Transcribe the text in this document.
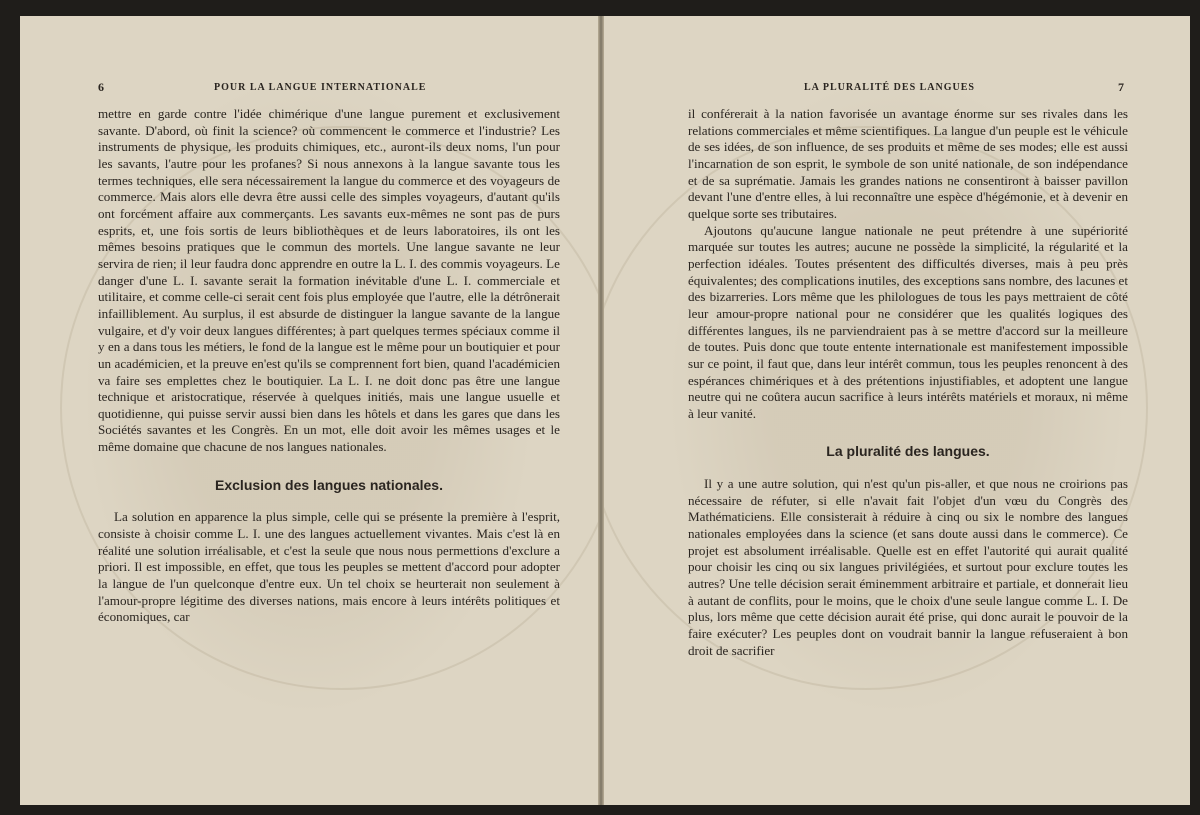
6	POUR LA LANGUE INTERNATIONALE

mettre en garde contre l'idée chimérique d'une langue purement et exclusivement savante. D'abord, où finit la science? où commencent le commerce et l'industrie? Les instruments de physique, les produits chimiques, etc., auront-ils deux noms, l'un pour les savants, l'autre pour les profanes? Si nous annexons à la langue savante tous les termes techniques, elle sera nécessairement la langue du commerce et des voyageurs de commerce. Mais alors elle devra être aussi celle des simples voyageurs, d'autant qu'ils ont forcément affaire aux commerçants. Les savants eux-mêmes ne sont pas de purs esprits, et, une fois sortis de leurs bibliothèques et de leurs laboratoires, ils ont les mêmes besoins pratiques que le commun des mortels. Une langue savante ne leur servira de rien; il leur faudra donc apprendre en outre la L. I. des commis voyageurs. Le danger d'une L. I. savante serait la formation inévitable d'une L. I. commerciale et utilitaire, et comme celle-ci serait cent fois plus employée que l'autre, elle la détrônerait infailliblement. Au surplus, il est absurde de distinguer la langue savante de la langue vulgaire, et d'y voir deux langues différentes; à part quelques termes spéciaux comme il y en a dans tous les métiers, le fond de la langue est le même pour un boutiquier et pour un académicien, et la preuve en'est qu'ils se comprennent fort bien, quand l'académicien va faire ses emplettes chez le boutiquier. La L. I. ne doit donc pas être une langue technique et aristocratique, réservée à quelques initiés, mais une langue usuelle et quotidienne, qui puisse servir aussi bien dans les hôtels et dans les gares que dans les Sociétés savantes et les Congrès. En un mot, elle doit avoir les mêmes usages et le même domaine que chacune de nos langues nationales.

Exclusion des langues nationales.

La solution en apparence la plus simple, celle qui se présente la première à l'esprit, consiste à choisir comme L. I. une des langues actuellement vivantes. Mais c'est là en réalité une solution irréalisable, et c'est la seule que nous nous permettions d'exclure a priori. Il est impossible, en effet, que tous les peuples se mettent d'accord pour adopter la langue de l'un quelconque d'entre eux. Un tel choix se heurterait non seulement à l'amour-propre légitime des diverses nations, mais encore à leurs intérêts politiques et économiques, car

LA PLURALITÉ DES LANGUES	7

il conférerait à la nation favorisée un avantage énorme sur ses rivales dans les relations commerciales et même scientifiques. La langue d'un peuple est le véhicule de ses idées, de son influence, de ses produits et même de ses modes; elle est aussi l'incarnation de son esprit, le symbole de son unité nationale, de son indépendance et de sa suprématie. Jamais les grandes nations ne consentiront à baisser pavillon devant l'une d'entre elles, à lui reconnaître une espèce d'hégémonie, et à devenir en quelque sorte ses tributaires.

Ajoutons qu'aucune langue nationale ne peut prétendre à une supériorité marquée sur toutes les autres; aucune ne possède la simplicité, la régularité et la perfection idéales. Toutes présentent des difficultés diverses, mais à peu près équivalentes; des complications inutiles, des exceptions sans nombre, des lacunes et des bizarreries. Lors même que les philologues de tous les pays mettraient de côté leur amour-propre national pour ne considérer que les qualités logiques des différentes langues, ils ne parviendraient pas à se mettre d'accord sur la meilleure de toutes. Puis donc que toute entente internationale est manifestement impossible sur ce point, il faut que, dans leur intérêt commun, tous les peuples renoncent à des espérances chimériques et à des prétentions injustifiables, et adoptent une langue neutre qui ne coûtera aucun sacrifice à leurs intérêts matériels et moraux, ni même à leur vanité.

La pluralité des langues.

Il y a une autre solution, qui n'est qu'un pis-aller, et que nous ne croirions pas nécessaire de réfuter, si elle n'avait fait l'objet d'un vœu du Congrès des Mathématiciens. Elle consisterait à réduire à cinq ou six le nombre des langues nationales employées dans la science (et sans doute aussi dans le commerce). Ce projet est absolument irréalisable. Quelle est en effet l'autorité qui aurait qualité pour choisir les cinq ou six langues privilégiées, et surtout pour exclure toutes les autres? Une telle décision serait éminemment arbitraire et partiale, et donnerait lieu à autant de conflits, pour le moins, que le choix d'une seule langue comme L. I. De plus, lors même que cette décision aurait été prise, qui donc aurait le pouvoir de la faire exécuter? Les peuples dont on voudrait bannir la langue refuseraient à bon droit de sacrifier
